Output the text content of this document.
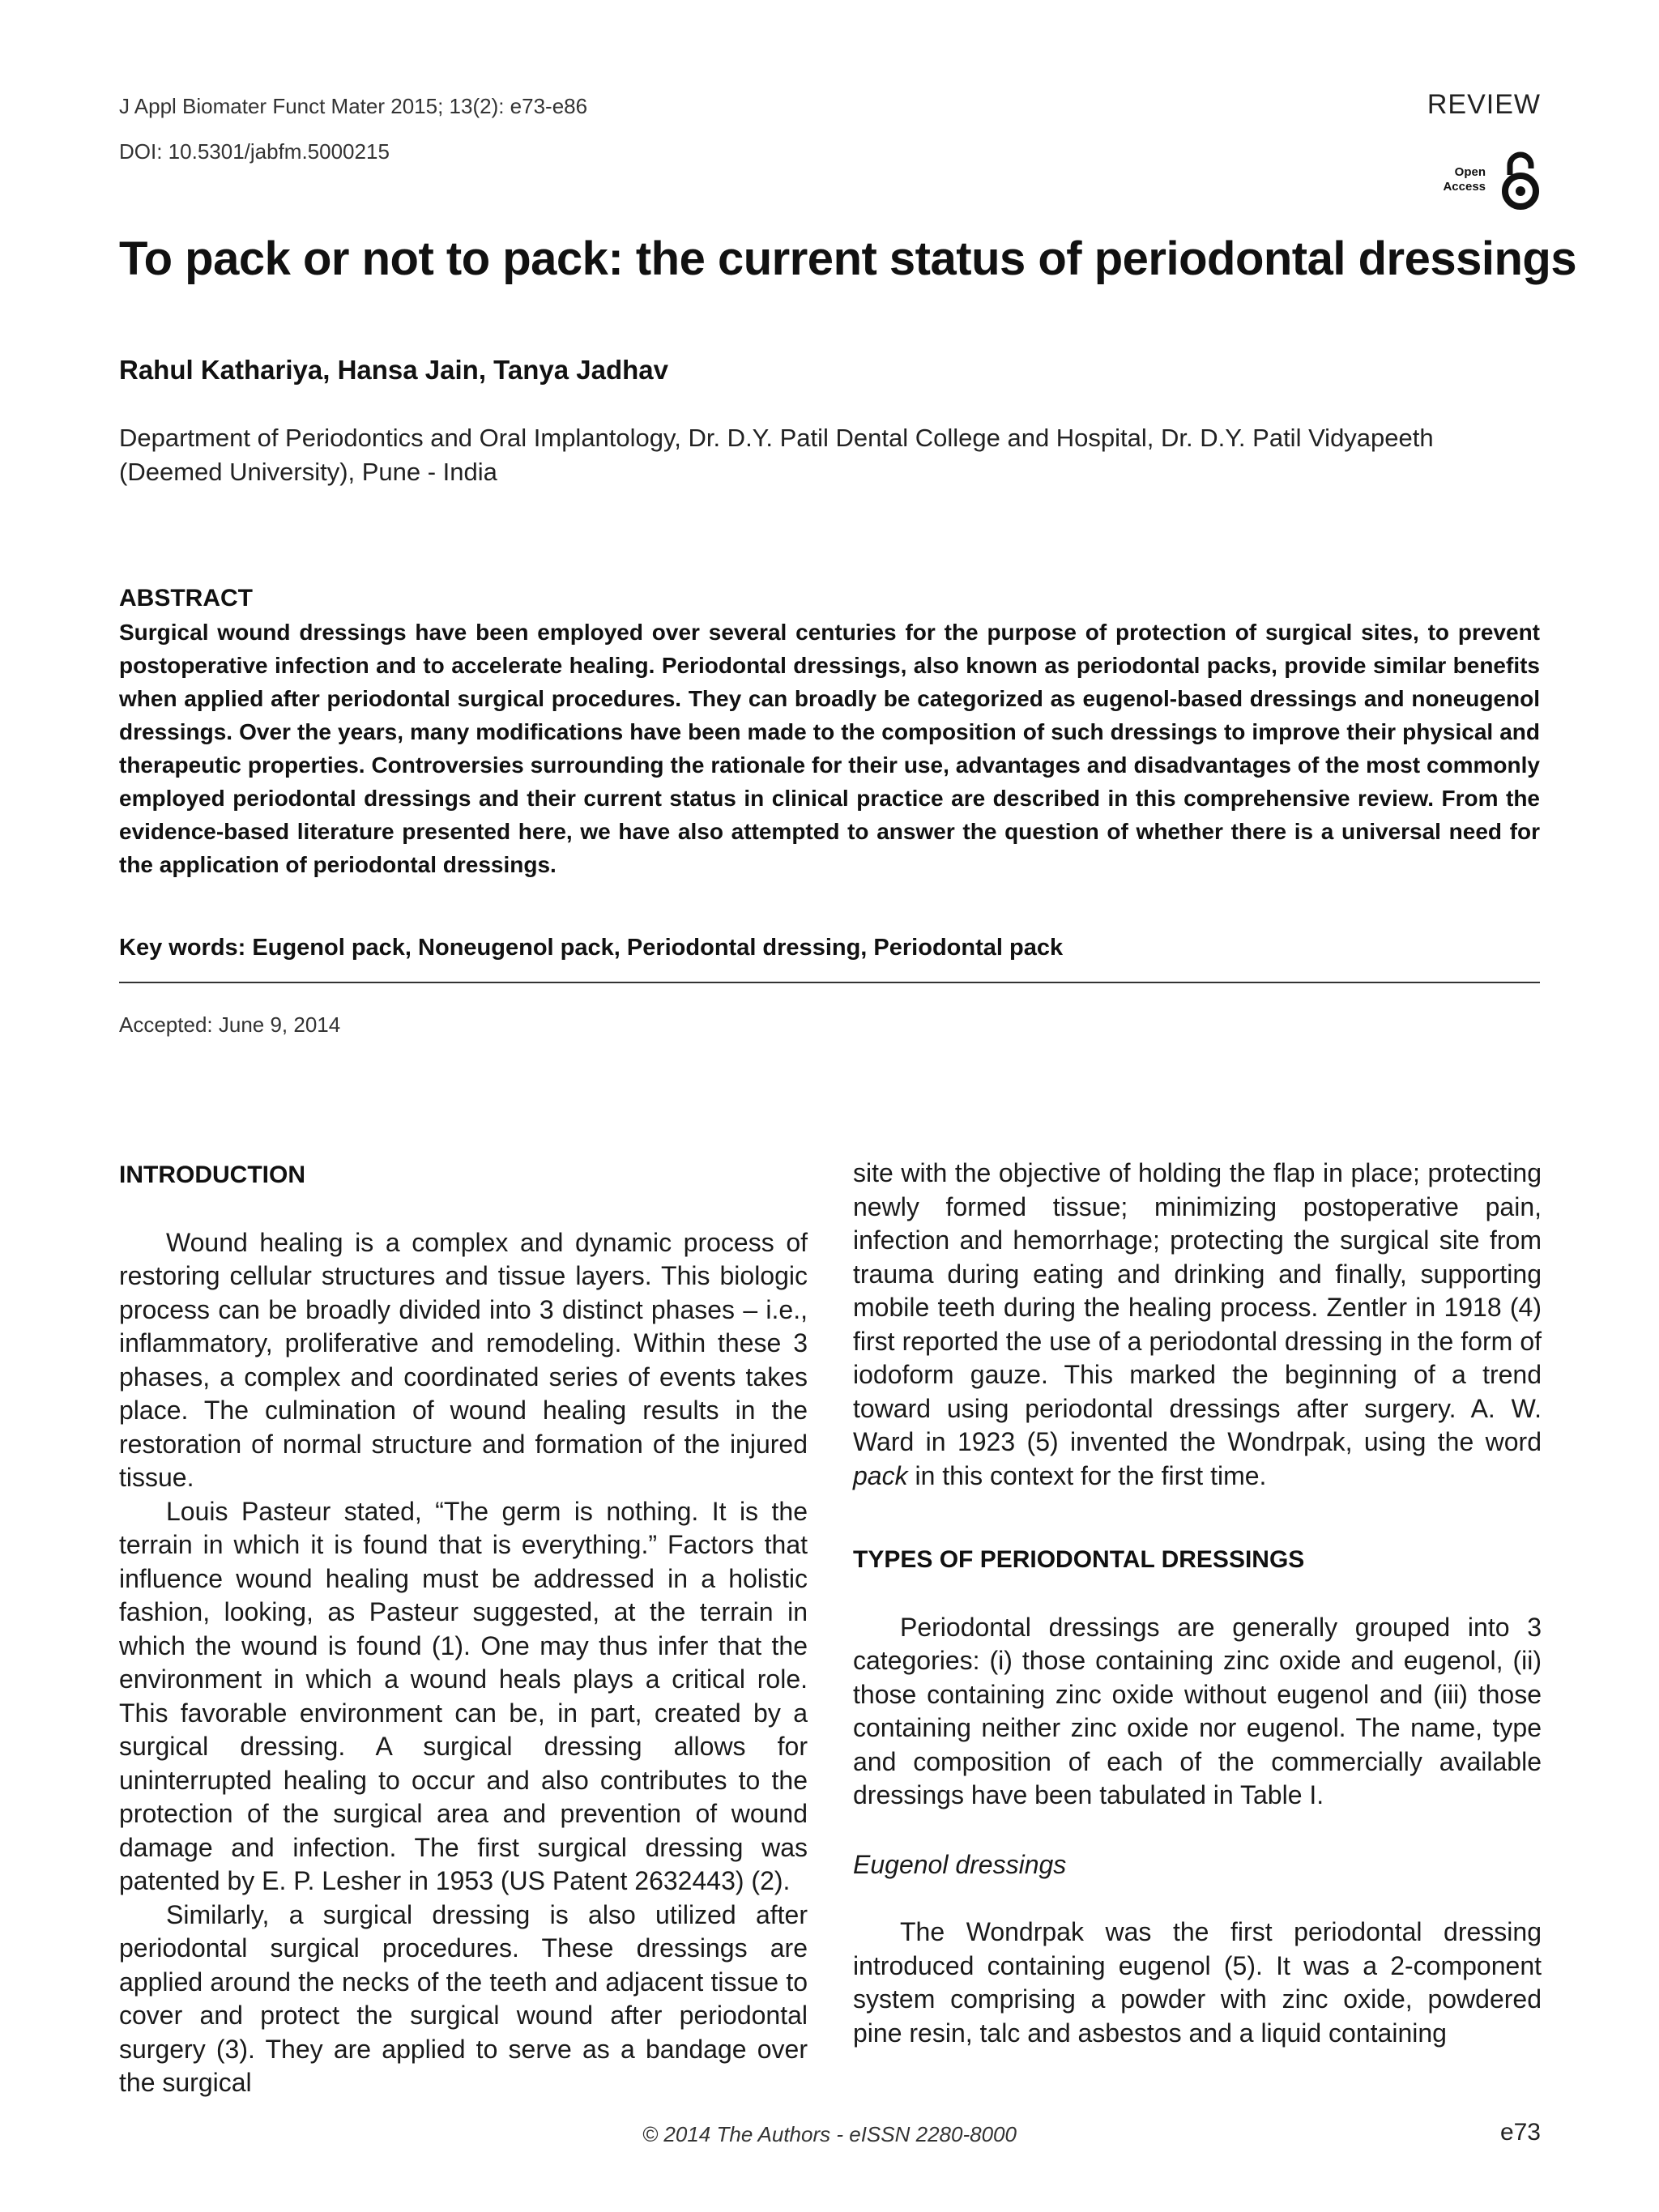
J Appl Biomater Funct Mater 2015; 13(2): e73-e86
DOI: 10.5301/jabfm.5000215
REVIEW
Open
Access
To pack or not to pack: the current status of periodontal dressings
Rahul Kathariya, Hansa Jain, Tanya Jadhav
Department of Periodontics and Oral Implantology, Dr. D.Y. Patil Dental College and Hospital, Dr. D.Y. Patil Vidyapeeth (Deemed University), Pune - India
ABSTRACT
Surgical wound dressings have been employed over several centuries for the purpose of protection of surgical sites, to prevent postoperative infection and to accelerate healing. Periodontal dressings, also known as periodontal packs, provide similar benefits when applied after periodontal surgical procedures. They can broadly be categorized as eugenol-based dressings and noneugenol dressings. Over the years, many modifications have been made to the composition of such dressings to improve their physical and therapeutic properties. Controversies surrounding the rationale for their use, advantages and disadvantages of the most commonly employed periodontal dressings and their current status in clinical practice are described in this comprehensive review. From the evidence-based literature presented here, we have also attempted to answer the question of whether there is a universal need for the application of periodontal dressings.
Key words: Eugenol pack, Noneugenol pack, Periodontal dressing, Periodontal pack
Accepted: June 9, 2014

INTRODUCTION

Wound healing is a complex and dynamic process of restoring cellular structures and tissue layers. This biologic process can be broadly divided into 3 distinct phases – i.e., inflammatory, proliferative and remodeling. Within these 3 phases, a complex and coordinated series of events takes place. The culmination of wound healing results in the restoration of normal structure and formation of the injured tissue.

Louis Pasteur stated, “The germ is nothing. It is the terrain in which it is found that is everything.” Factors that influence wound healing must be addressed in a holistic fashion, looking, as Pasteur suggested, at the terrain in which the wound is found (1). One may thus infer that the environment in which a wound heals plays a critical role. This favorable environment can be, in part, created by a surgical dressing. A surgical dressing allows for uninterrupted healing to occur and also contributes to the protection of the surgical area and prevention of wound damage and infection. The first surgical dressing was patented by E. P. Lesher in 1953 (US Patent 2632443) (2).

Similarly, a surgical dressing is also utilized after periodontal surgical procedures. These dressings are applied around the necks of the teeth and adjacent tissue to cover and protect the surgical wound after periodontal surgery (3). They are applied to serve as a bandage over the surgical

site with the objective of holding the flap in place; protecting newly formed tissue; minimizing postoperative pain, infection and hemorrhage; protecting the surgical site from trauma during eating and drinking and finally, supporting mobile teeth during the healing process. Zentler in 1918 (4) first reported the use of a periodontal dressing in the form of iodoform gauze. This marked the beginning of a trend toward using periodontal dressings after surgery. A. W. Ward in 1923 (5) invented the Wondrpak, using the word pack in this context for the first time.

TYPES OF PERIODONTAL DRESSINGS

Periodontal dressings are generally grouped into 3 categories: (i) those containing zinc oxide and eugenol, (ii) those containing zinc oxide without eugenol and (iii) those containing neither zinc oxide nor eugenol. The name, type and composition of each of the commercially available dressings have been tabulated in Table I.

Eugenol dressings

The Wondrpak was the first periodontal dressing introduced containing eugenol (5). It was a 2-component system comprising a powder with zinc oxide, powdered pine resin, talc and asbestos and a liquid containing

© 2014 The Authors - eISSN 2280-8000	e73
